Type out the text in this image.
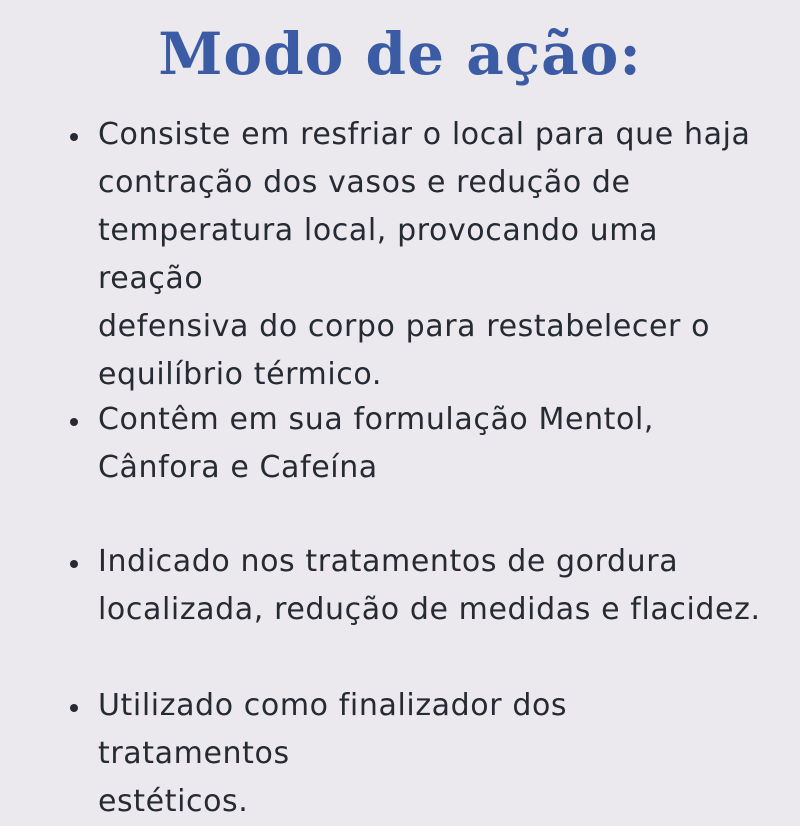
Modo de ação:

Consiste em resfriar o local para que haja
contração dos vasos e redução de
temperatura local, provocando uma reação
defensiva do corpo para restabelecer o
equilíbrio térmico.

Contêm em sua formulação Mentol,
Cânfora e Cafeína

Indicado nos tratamentos de gordura
localizada, redução de medidas e flacidez.

Utilizado como finalizador dos tratamentos
estéticos.
